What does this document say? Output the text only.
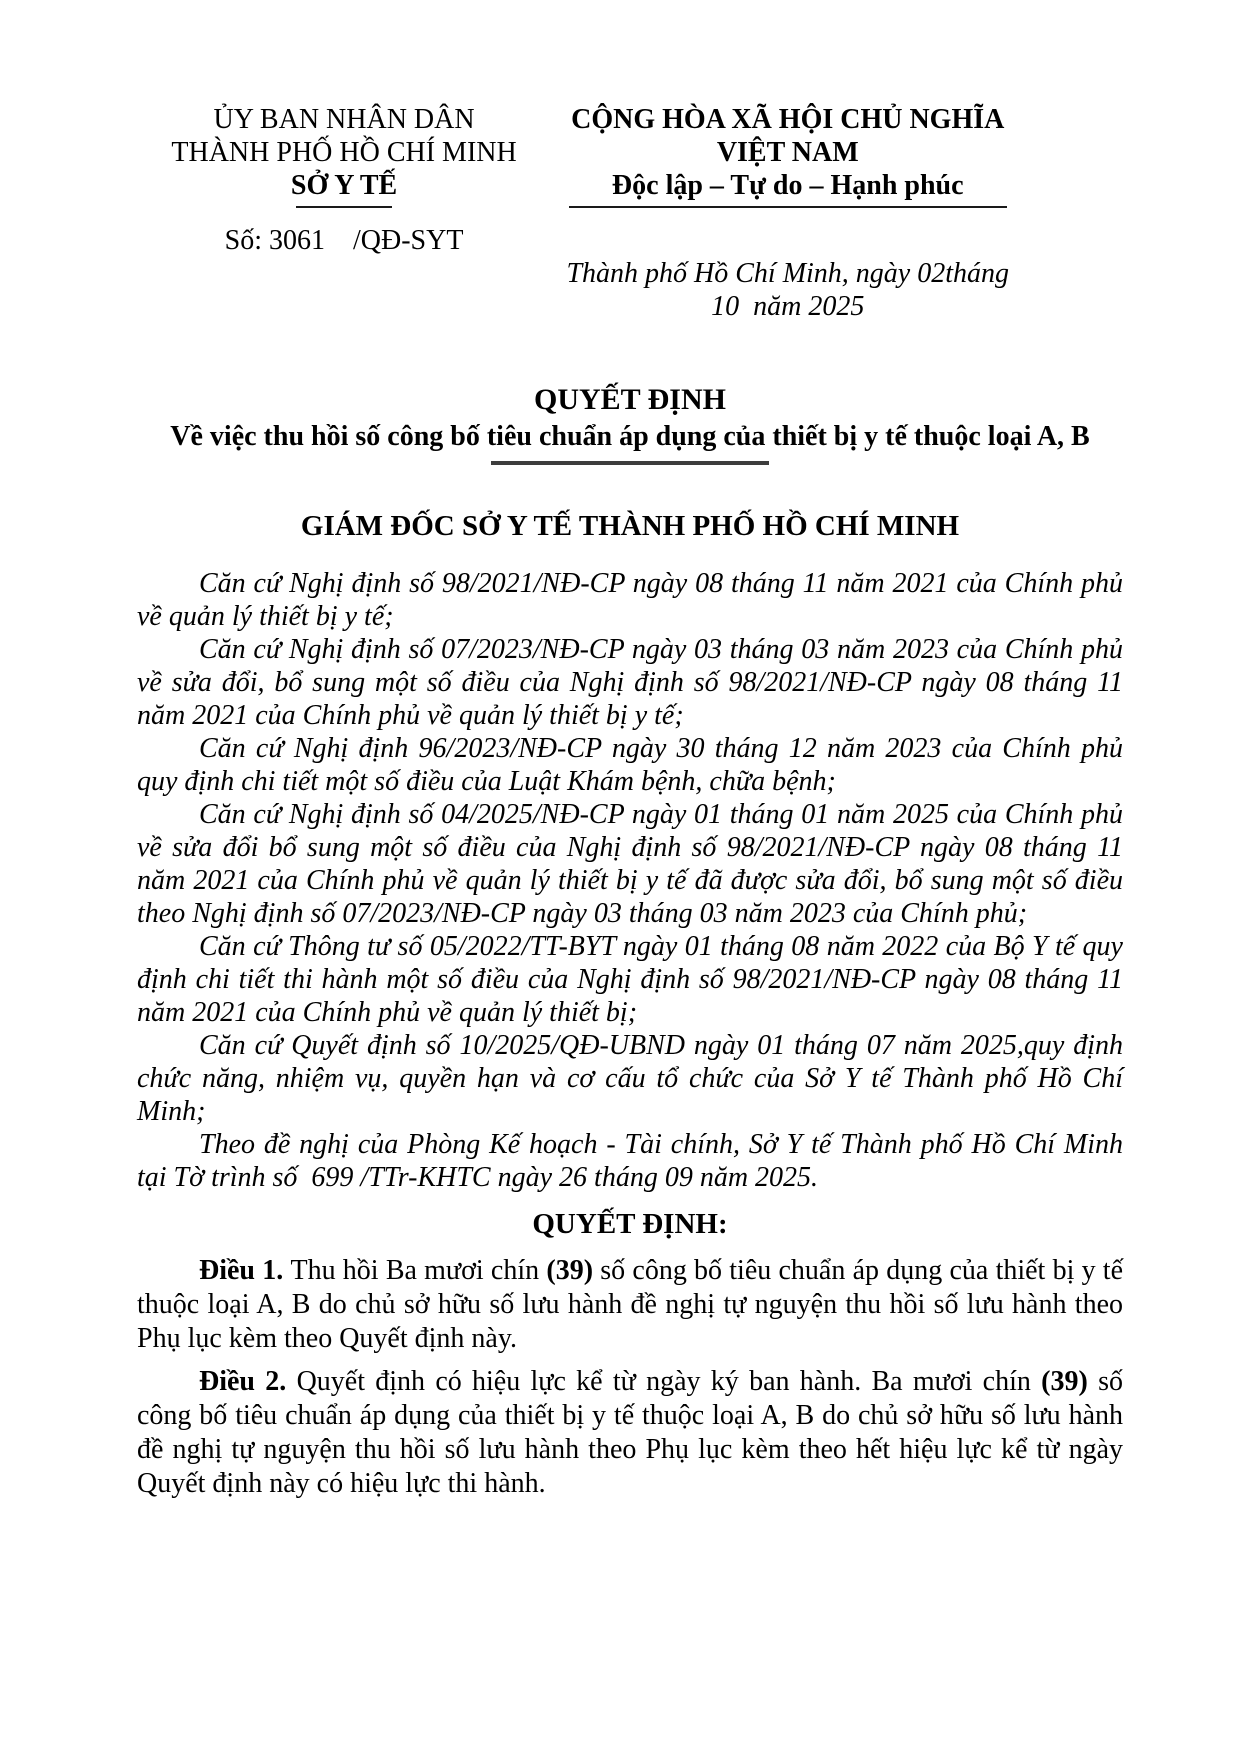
ỦY BAN NHÂN DÂN
THÀNH PHỐ HỒ CHÍ MINH
SỞ Y TẾ
Số: 3061    /QĐ-SYT
CỘNG HÒA XÃ HỘI CHỦ NGHĨA VIỆT NAM
Độc lập – Tự do – Hạnh phúc
Thành phố Hồ Chí Minh, ngày 02tháng 10  năm 2025
QUYẾT ĐỊNH
Về việc thu hồi số công bố tiêu chuẩn áp dụng của thiết bị y tế thuộc loại A, B
GIÁM ĐỐC SỞ Y TẾ THÀNH PHỐ HỒ CHÍ MINH

Căn cứ Nghị định số 98/2021/NĐ-CP ngày 08 tháng 11 năm 2021 của Chính phủ về quản lý thiết bị y tế;

Căn cứ Nghị định số 07/2023/NĐ-CP ngày 03 tháng 03 năm 2023 của Chính phủ về sửa đổi, bổ sung một số điều của Nghị định số 98/2021/NĐ-CP ngày 08 tháng 11 năm 2021 của Chính phủ về quản lý thiết bị y tế;

Căn cứ Nghị định 96/2023/NĐ-CP ngày 30 tháng 12 năm 2023 của Chính phủ quy định chi tiết một số điều của Luật Khám bệnh, chữa bệnh;

Căn cứ Nghị định số 04/2025/NĐ-CP ngày 01 tháng 01 năm 2025 của Chính phủ về sửa đổi bổ sung một số điều của Nghị định số 98/2021/NĐ-CP ngày 08 tháng 11 năm 2021 của Chính phủ về quản lý thiết bị y tế đã được sửa đổi, bổ sung một số điều theo Nghị định số 07/2023/NĐ-CP ngày 03 tháng 03 năm 2023 của Chính phủ;

Căn cứ Thông tư số 05/2022/TT-BYT ngày 01 tháng 08 năm 2022 của Bộ Y tế quy định chi tiết thi hành một số điều của Nghị định số 98/2021/NĐ-CP ngày 08 tháng 11 năm 2021 của Chính phủ về quản lý thiết bị;

Căn cứ Quyết định số 10/2025/QĐ-UBND ngày 01 tháng 07 năm 2025,quy định chức năng, nhiệm vụ, quyền hạn và cơ cấu tổ chức của Sở Y tế Thành phố Hồ Chí Minh;

Theo đề nghị của Phòng Kế hoạch - Tài chính, Sở Y tế Thành phố Hồ Chí Minh tại Tờ trình số  699 /TTr-KHTC ngày 26 tháng 09 năm 2025.

QUYẾT ĐỊNH:

Điều 1. Thu hồi Ba mươi chín (39) số công bố tiêu chuẩn áp dụng của thiết bị y tế thuộc loại A, B do chủ sở hữu số lưu hành đề nghị tự nguyện thu hồi số lưu hành theo Phụ lục kèm theo Quyết định này.

Điều 2. Quyết định có hiệu lực kể từ ngày ký ban hành. Ba mươi chín (39) số công bố tiêu chuẩn áp dụng của thiết bị y tế thuộc loại A, B do chủ sở hữu số lưu hành đề nghị tự nguyện thu hồi số lưu hành theo Phụ lục kèm theo hết hiệu lực kể từ ngày Quyết định này có hiệu lực thi hành.
